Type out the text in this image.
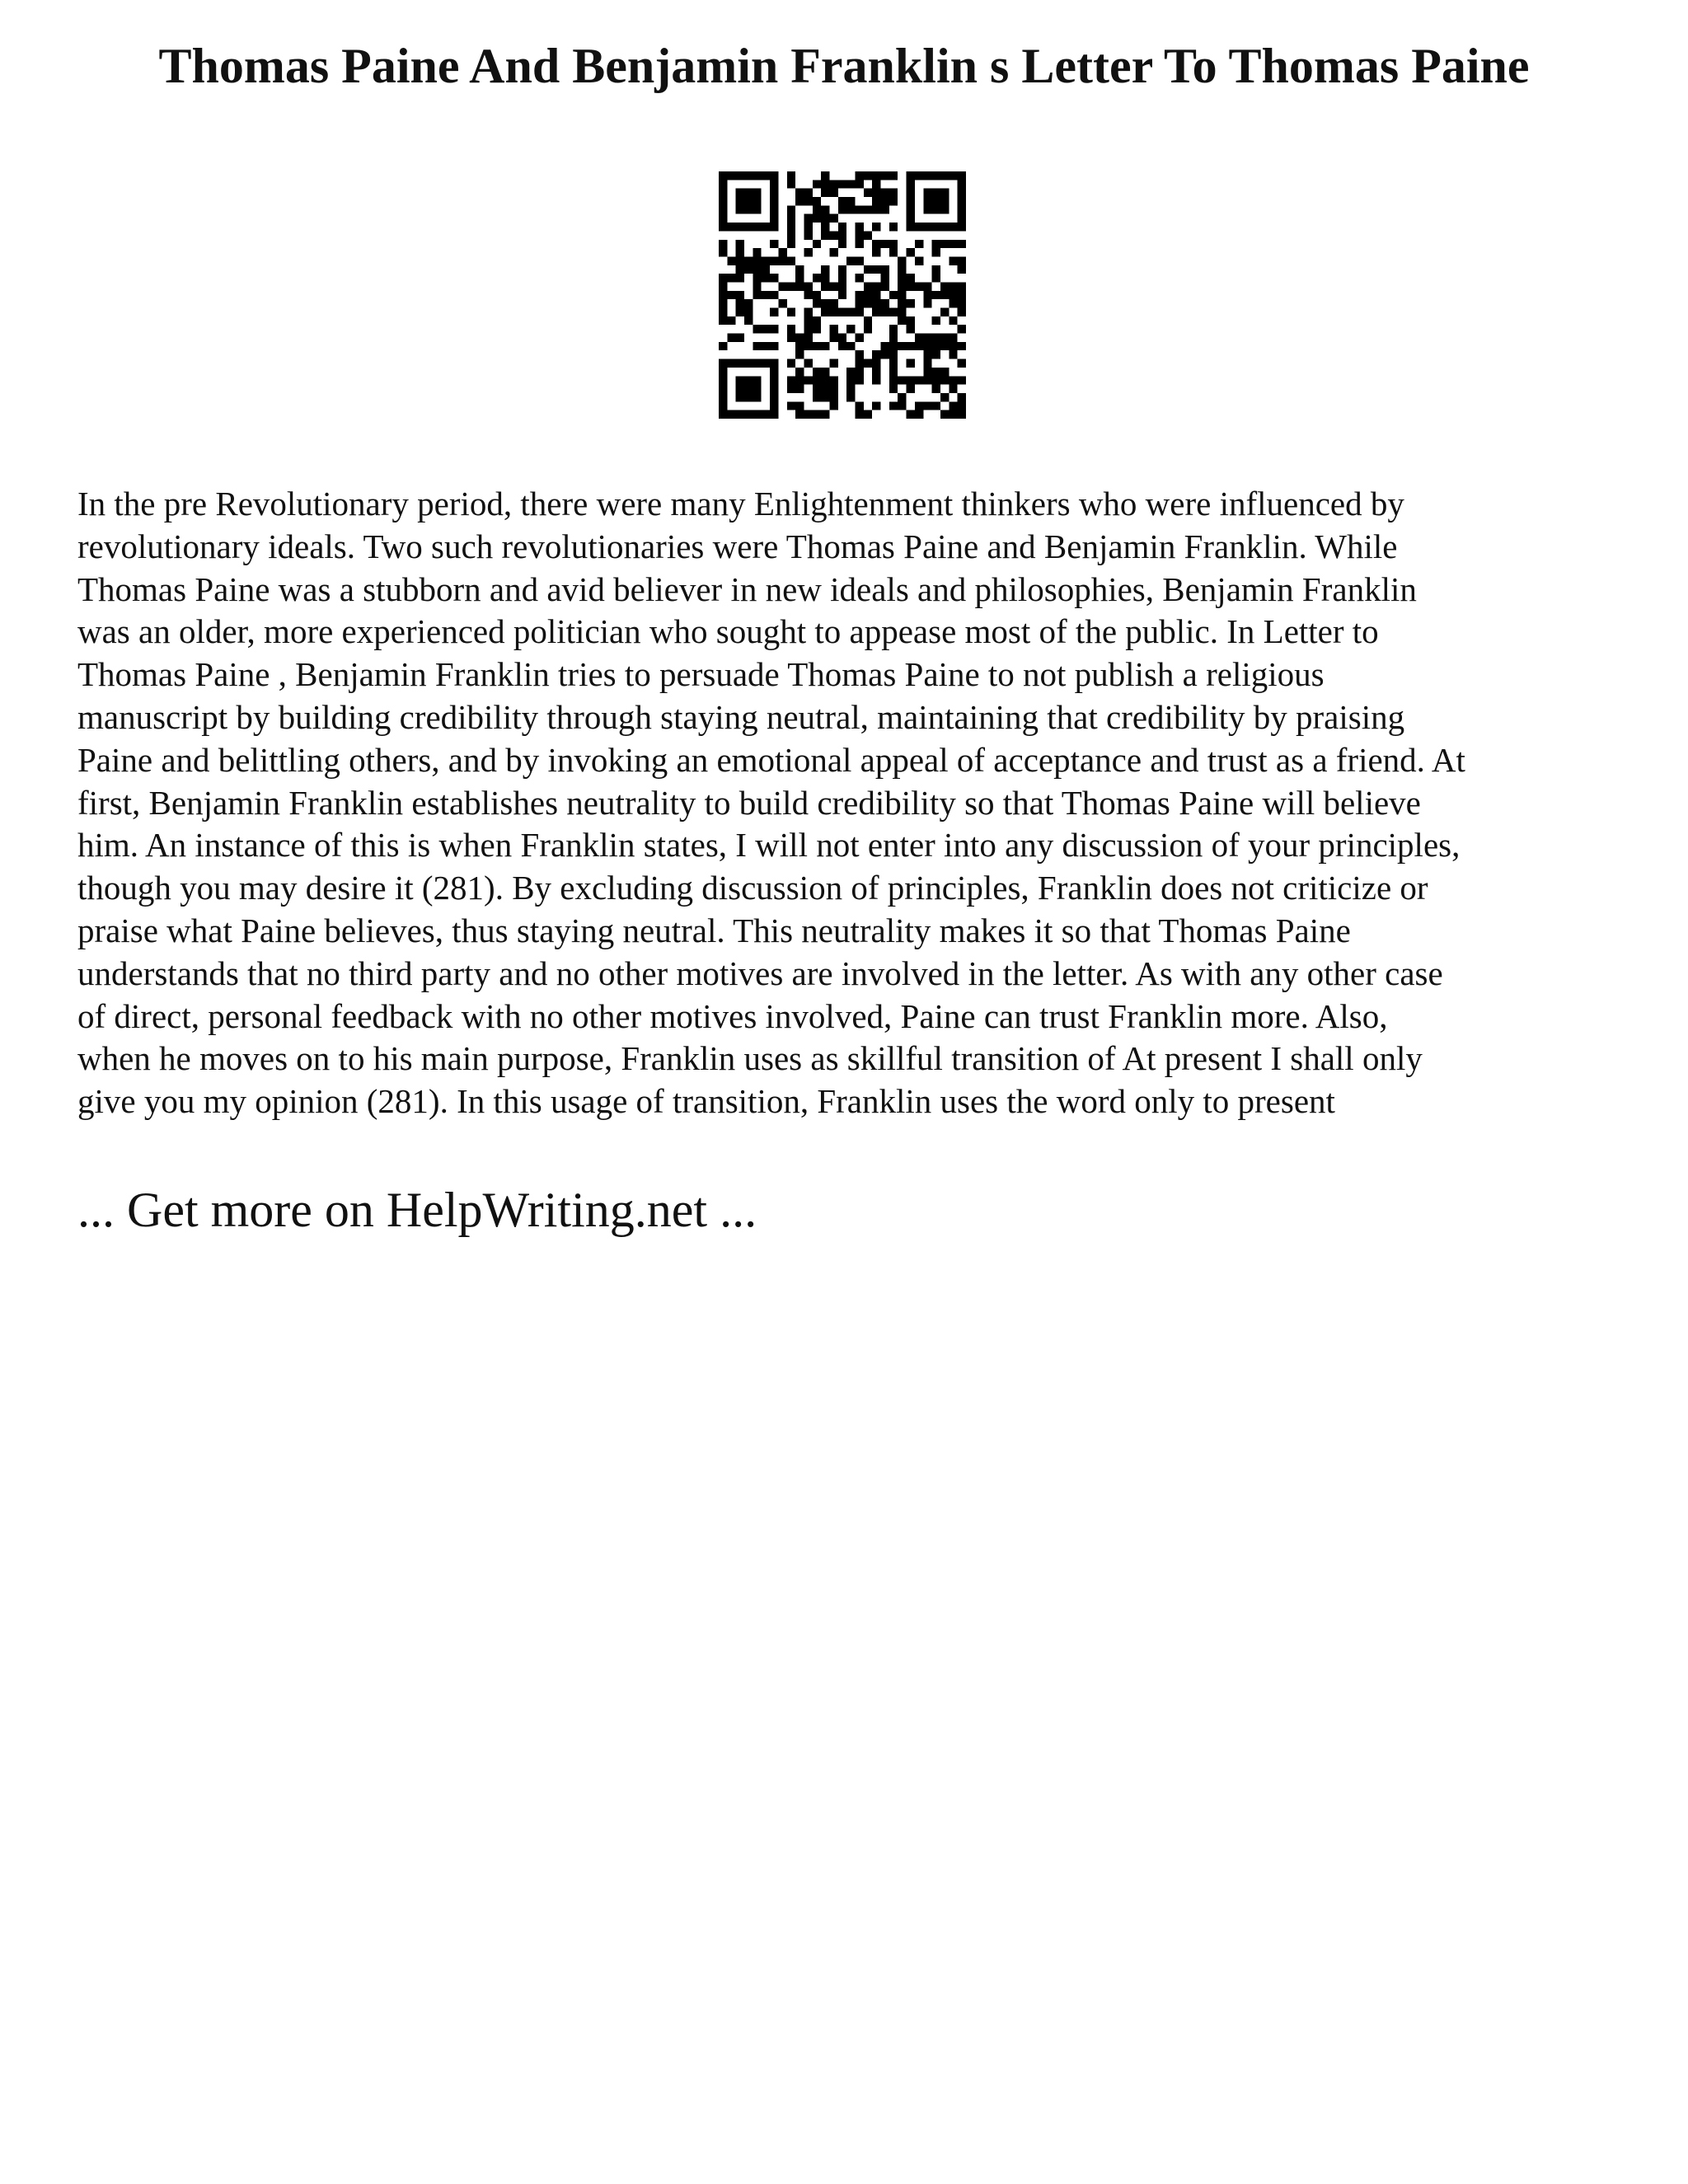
Thomas Paine And Benjamin Franklin s Letter To Thomas Paine
In the pre Revolutionary period, there were many Enlightenment thinkers who were influenced by
revolutionary ideals. Two such revolutionaries were Thomas Paine and Benjamin Franklin. While
Thomas Paine was a stubborn and avid believer in new ideals and philosophies, Benjamin Franklin
was an older, more experienced politician who sought to appease most of the public. In Letter to
Thomas Paine , Benjamin Franklin tries to persuade Thomas Paine to not publish a religious
manuscript by building credibility through staying neutral, maintaining that credibility by praising
Paine and belittling others, and by invoking an emotional appeal of acceptance and trust as a friend. At
first, Benjamin Franklin establishes neutrality to build credibility so that Thomas Paine will believe
him. An instance of this is when Franklin states, I will not enter into any discussion of your principles,
though you may desire it (281). By excluding discussion of principles, Franklin does not criticize or
praise what Paine believes, thus staying neutral. This neutrality makes it so that Thomas Paine
understands that no third party and no other motives are involved in the letter. As with any other case
of direct, personal feedback with no other motives involved, Paine can trust Franklin more. Also,
when he moves on to his main purpose, Franklin uses as skillful transition of At present I shall only
give you my opinion (281). In this usage of transition, Franklin uses the word only to present
... Get more on HelpWriting.net ...
